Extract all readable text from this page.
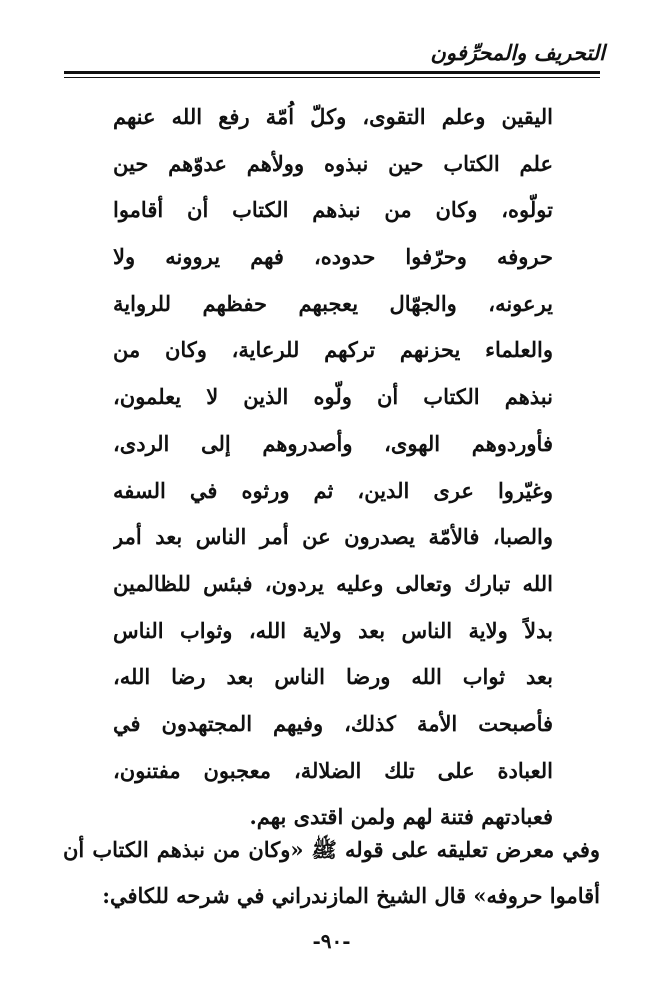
التحريف والمحرِّفون
اليقين وعلم التقوى، وكلّ اُمّة رفع الله عنهم
علم الكتاب حين نبذوه وولأهم عدوّهم حين
تولّوه، وكان من نبذهم الكتاب أن أقاموا
حروفه وحرّفوا حدوده، فهم يروونه ولا
يرعونه، والجهّال يعجبهم حفظهم للرواية
والعلماء يحزنهم تركهم للرعاية، وكان من
نبذهم الكتاب أن ولّوه الذين لا يعلمون،
فأوردوهم الهوى، وأصدروهم إلى الردى،
وغيّروا عرى الدين، ثم ورثوه في السفه
والصبا، فالأمّة يصدرون عن أمر الناس بعد أمر
الله تبارك وتعالى وعليه يردون، فبئس للظالمين
بدلاً ولاية الناس بعد ولاية الله، وثواب الناس
بعد ثواب الله ورضا الناس بعد رضا الله،
فأصبحت الأمة كذلك، وفيهم المجتهدون في
العبادة على تلك الضلالة، معجبون مفتنون،
فعبادتهم فتنة لهم ولمن اقتدى بهم.
وفي معرض تعليقه على قوله ﷺ «وكان من نبذهم الكتاب أن
أقاموا حروفه» قال الشيخ المازندراني في شرحه للكافي:
-٩٠-
